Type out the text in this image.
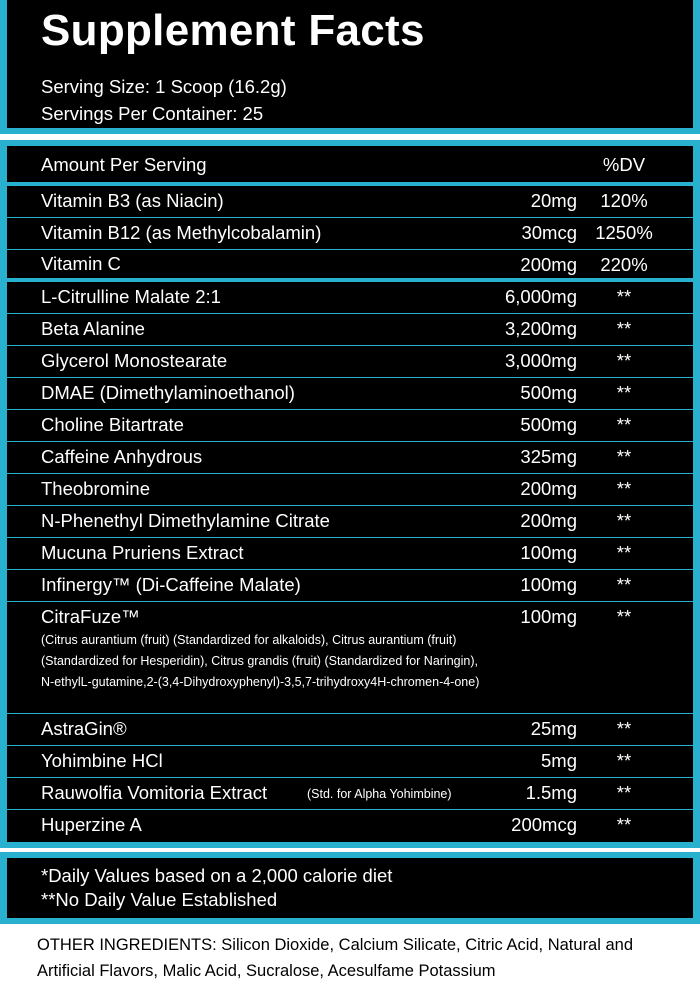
Supplement Facts
Serving Size: 1 Scoop (16.2g)
Servings Per Container: 25
Amount Per Serving	%DV
Vitamin B3 (as Niacin)	20mg	120%
Vitamin B12 (as Methylcobalamin)	30mcg 1250%
Vitamin C	200mg	220%
L-Citrulline Malate 2:1	6,000mg	**
Beta Alanine	3,200mg	**
Glycerol Monostearate	3,000mg	**
DMAE (Dimethylaminoethanol)	500mg	**
Choline Bitartrate	500mg	**
Caffeine Anhydrous	325mg	**
Theobromine	200mg	**
N-Phenethyl Dimethylamine Citrate	200mg	**
Mucuna Pruriens Extract	100mg	**
Infinergy™ (Di-Caffeine Malate)	100mg	**
CitraFuze™	100mg	**
(Citrus aurantium (fruit) (Standardized for alkaloids), Citrus aurantium (fruit) (Standardized for Hesperidin), Citrus grandis (fruit) (Standardized for Naringin), N-ethylL-gutamine,2-(3,4-Dihydroxyphenyl)-3,5,7-trihydroxy4H-chromen-4-one)
AstraGin®	25mg	**
Yohimbine HCl	5mg	**
Rauwolfia Vomitoria Extract	(Std. for Alpha Yohimbine)	1.5mg	**
Huperzine A	200mcg	**
*Daily Values based on a 2,000 calorie diet
**No Daily Value Established
OTHER INGREDIENTS: Silicon Dioxide, Calcium Silicate, Citric Acid, Natural and Artificial Flavors, Malic Acid, Sucralose, Acesulfame Potassium
